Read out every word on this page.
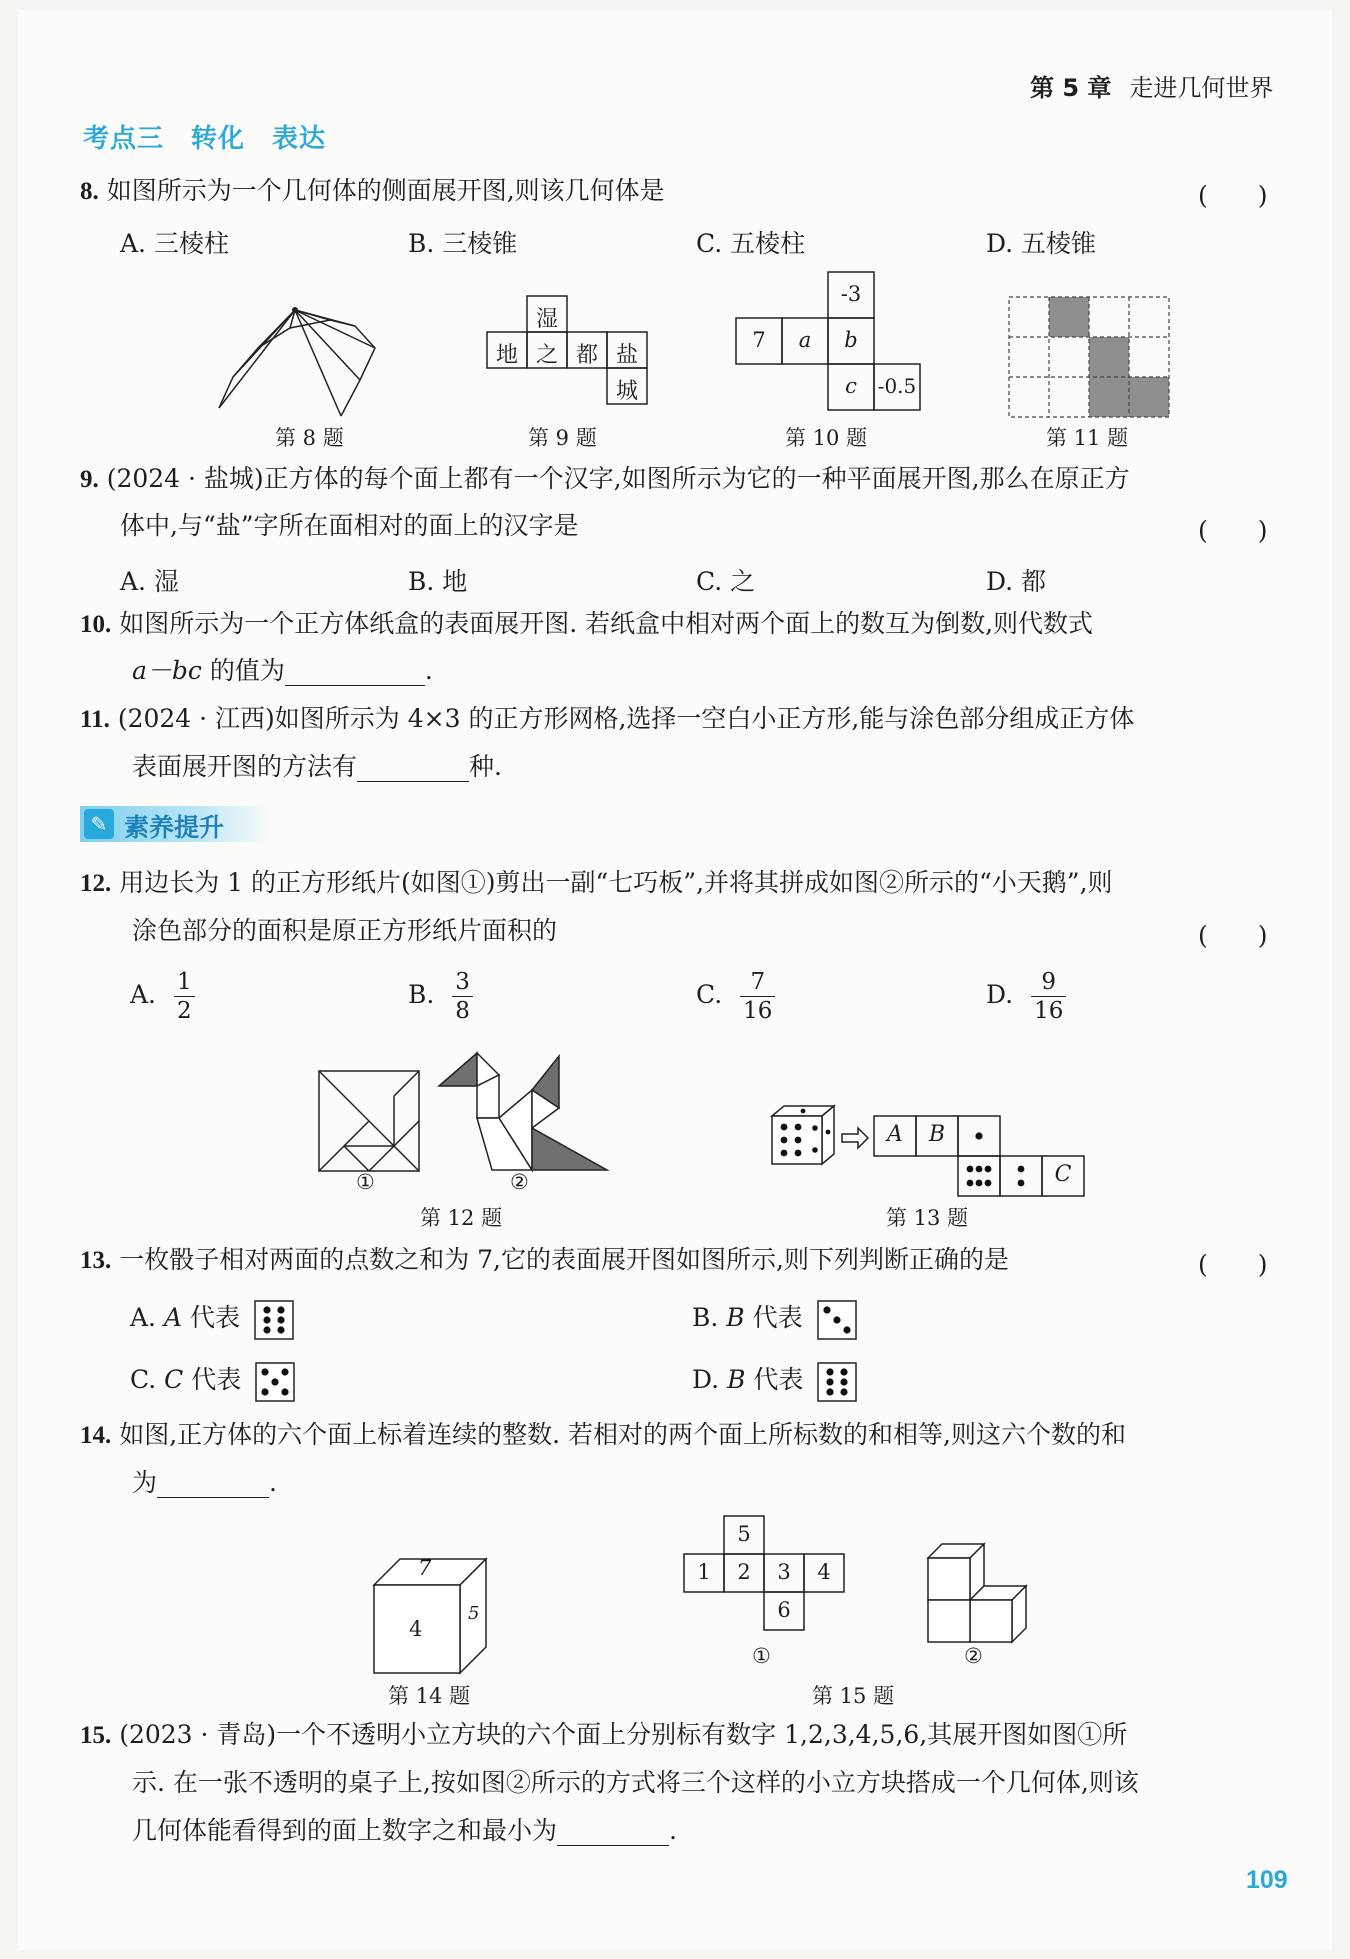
第 5 章 走进几何世界
考点三　转化　表达
8. 如图所示为一个几何体的侧面展开图,则该几何体是	(　　)
A. 三棱柱	B. 三棱锥	C. 五棱柱	D. 五棱锥
第 8 题
湿
地 之 都 盐
城
第 9 题
-3
7	a	b
c	-0.5
第 10 题	第 11 题
9. (2024 · 盐城)正方体的每个面上都有一个汉字,如图所示为它的一种平面展开图,那么在原正方
体中,与“盐”字所在面相对的面上的汉字是	(　　)
A. 湿	B. 地	C. 之	D. 都
10. 如图所示为一个正方体纸盒的表面展开图. 若纸盒中相对两个面上的数互为倒数,则代数式
a－bc 的值为	.
11. (2024 · 江西)如图所示为 4×3 的正方形网格,选择一空白小正方形,能与涂色部分组成正方体
表面展开图的方法有	种.
✎ 素养提升
12. 用边长为 1 的正方形纸片(如图①)剪出一副“七巧板”,并将其拼成如图②所示的“小天鹅”,则
涂色部分的面积是原正方形纸片面积的	(　　)
A. $\frac{1}{2}$	B. $\frac{3}{8}$	C. $\frac{7}{16}$	D. $\frac{9}{16}$
①	②
第 12 题
A	B
C
第 13 题
13. 一枚骰子相对两面的点数之和为 7,它的表面展开图如图所示,则下列判断正确的是	(　　)
A. A 代表	B. B 代表
C. C 代表	D. B 代表
14. 如图,正方体的六个面上标着连续的整数. 若相对的两个面上所标数的和相等,则这六个数的和
为	.
7
4
5
第 14 题
5
1	2	3	4
6
①	②
第 15 题
15. (2023 · 青岛)一个不透明小立方块的六个面上分别标有数字 1,2,3,4,5,6,其展开图如图①所
示. 在一张不透明的桌子上,按如图②所示的方式将三个这样的小立方块搭成一个几何体,则该
几何体能看得到的面上数字之和最小为	.
109
